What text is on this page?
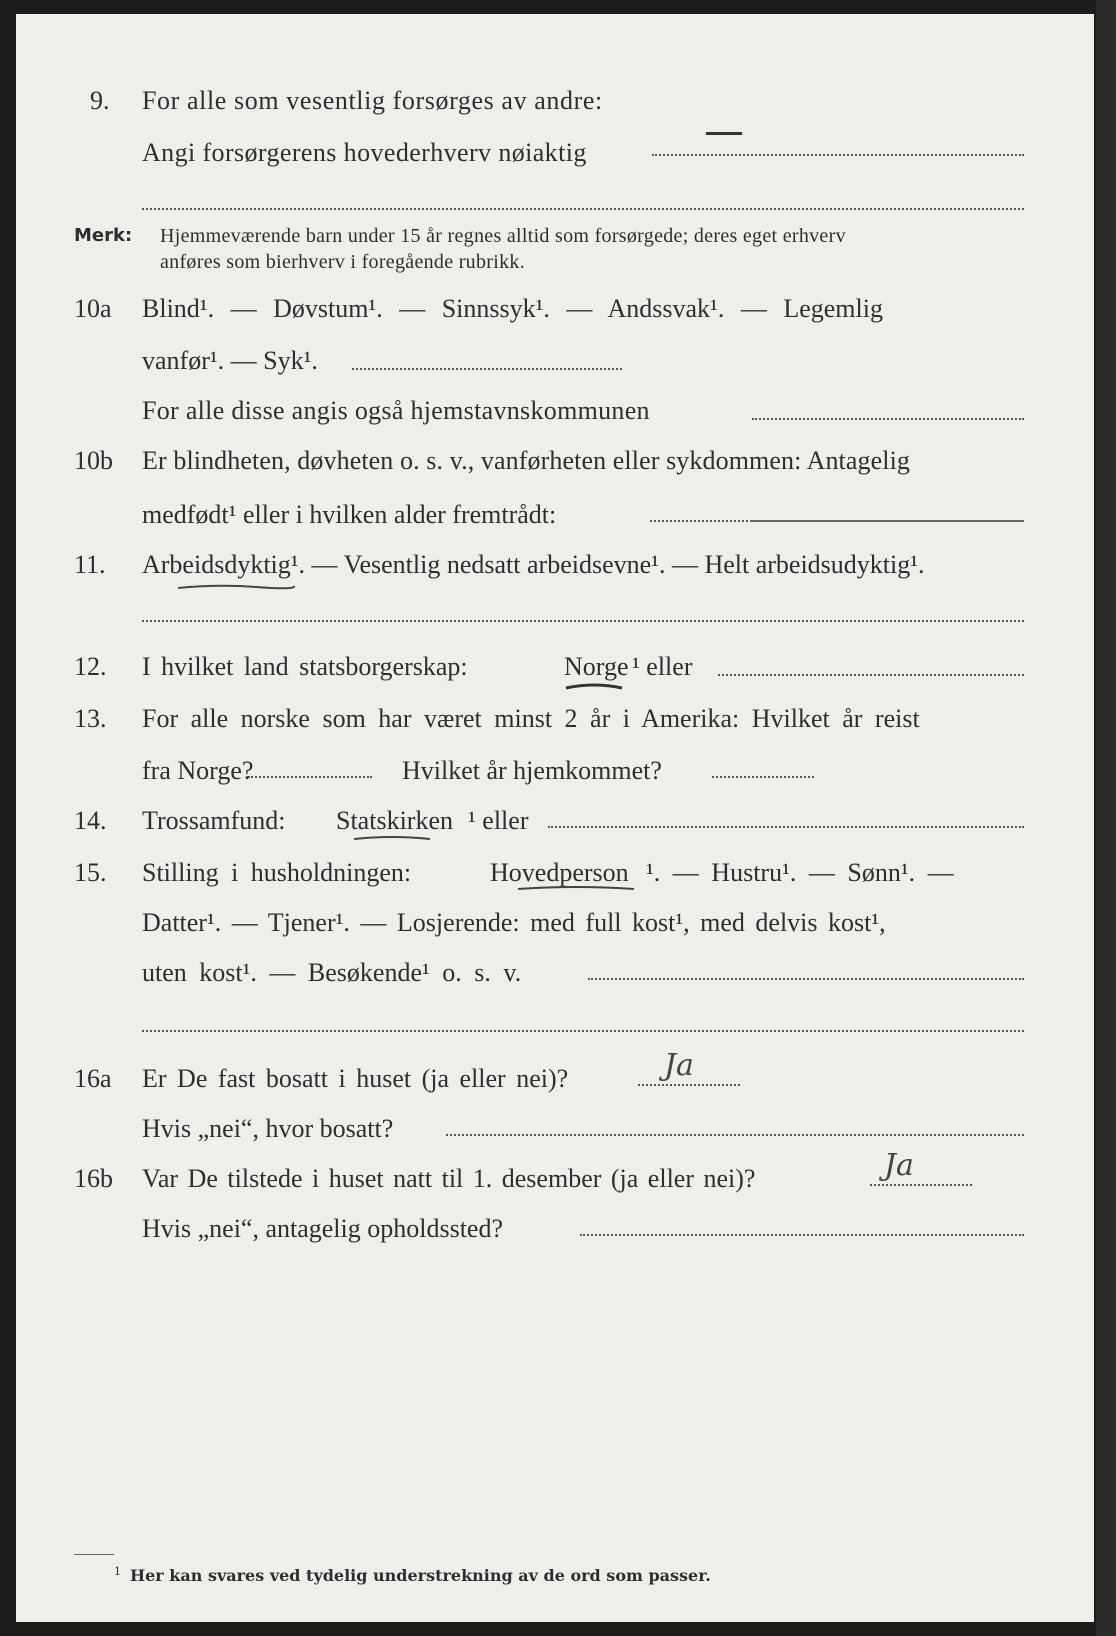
9. For alle som vesentlig forsørges av andre:
Angi forsørgerens hovederhverv nøiaktig
Merk: Hjemmeværende barn under 15 år regnes alltid som forsørgede; deres eget erhverv
anføres som bierhverv i foregående rubrikk.
10a Blind¹. — Døvstum¹. — Sinnssyk¹. — Andssvak¹. — Legemlig
vanfør¹. — Syk¹.
For alle disse angis også hjemstavnskommunen
10b Er blindheten, døvheten o. s. v., vanførheten eller sykdommen: Antagelig
medfødt¹ eller i hvilken alder fremtrådt:
11. Arbeidsdyktig¹. — Vesentlig nedsatt arbeidsevne¹. — Helt arbeidsudyktig¹.
12. I hvilket land statsborgerskap:	Norge ¹ eller
13. For alle norske som har været minst 2 år i Amerika: Hvilket år reist
fra Norge?	Hvilket år hjemkommet?
14. Trossamfund: Statskirken ¹ eller
15. Stilling i husholdningen:	Hovedperson ¹. — Hustru¹. — Sønn¹. —
Datter¹. — Tjener¹. — Losjerende: med full kost¹, med delvis kost¹,
uten kost¹. — Besøkende¹ o. s. v.
16a Er De fast bosatt i huset (ja eller nei)?	Ja
Hvis „nei“, hvor bosatt?
16b Var De tilstede i huset natt til 1. desember (ja eller nei)?	Ja
Hvis „nei“, antagelig opholdssted?
1 Her kan svares ved tydelig understrekning av de ord som passer.
